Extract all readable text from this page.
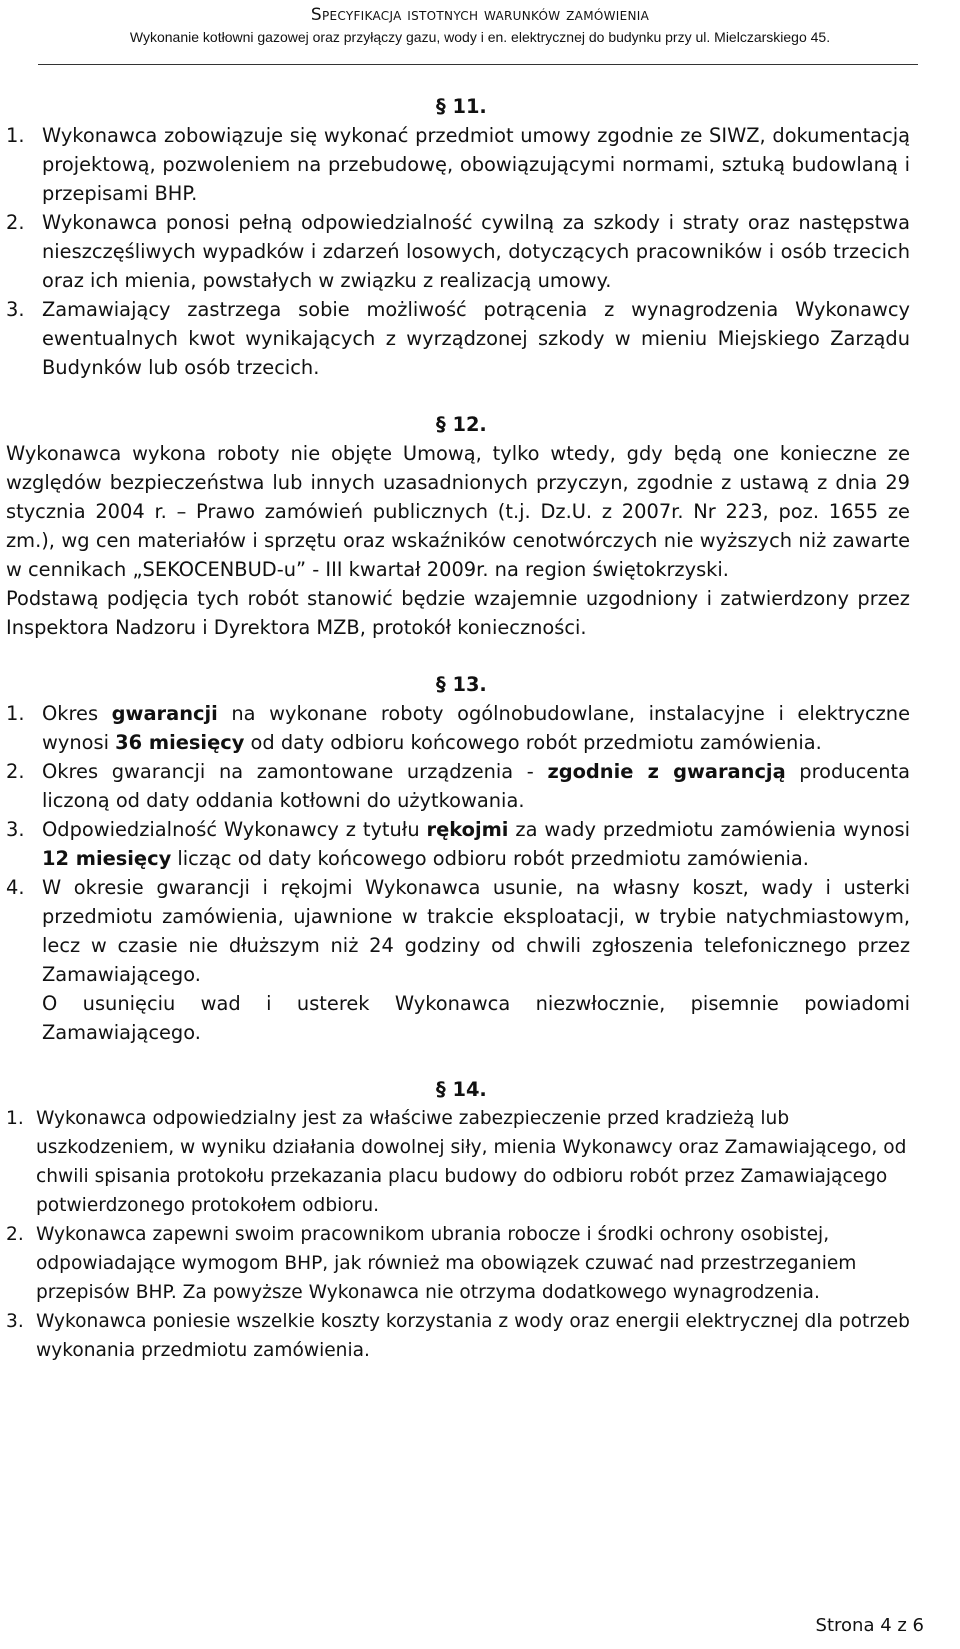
Specyfikacja istotnych warunków zamówienia
Wykonanie kotłowni gazowej oraz przyłączy gazu, wody i en. elektrycznej do budynku przy ul. Mielczarskiego 45.
§ 11.
1. Wykonawca zobowiązuje się wykonać przedmiot umowy zgodnie ze SIWZ, dokumentacją projektową, pozwoleniem na przebudowę, obowiązującymi normami, sztuką budowlaną i przepisami BHP.
2. Wykonawca ponosi pełną odpowiedzialność cywilną za szkody i straty oraz następstwa nieszczęśliwych wypadków i zdarzeń losowych, dotyczących pracowników i osób trzecich oraz ich mienia, powstałych w związku z realizacją umowy.
3. Zamawiający zastrzega sobie możliwość potrącenia z wynagrodzenia Wykonawcy ewentualnych kwot wynikających z wyrządzonej szkody w mieniu Miejskiego Zarządu Budynków lub osób trzecich.
§ 12.
Wykonawca wykona roboty nie objęte Umową, tylko wtedy, gdy będą one konieczne ze względów bezpieczeństwa lub innych uzasadnionych przyczyn, zgodnie z ustawą z dnia 29 stycznia 2004 r. – Prawo zamówień publicznych (t.j. Dz.U. z 2007r. Nr 223, poz. 1655 ze zm.), wg cen materiałów i sprzętu oraz wskaźników cenotwórczych nie wyższych niż zawarte w cennikach „SEKOCENBUD-u” - III kwartał 2009r. na region świętokrzyski.
Podstawą podjęcia tych robót stanowić będzie wzajemnie uzgodniony i zatwierdzony przez Inspektora Nadzoru i Dyrektora MZB, protokół konieczności.
§ 13.
1. Okres gwarancji na wykonane roboty ogólnobudowlane, instalacyjne i elektryczne wynosi 36 miesięcy od daty odbioru końcowego robót przedmiotu zamówienia.
2. Okres gwarancji na zamontowane urządzenia - zgodnie z gwarancją producenta liczoną od daty oddania kotłowni do użytkowania.
3. Odpowiedzialność Wykonawcy z tytułu rękojmi za wady przedmiotu zamówienia wynosi 12 miesięcy licząc od daty końcowego odbioru robót przedmiotu zamówienia.
4. W okresie gwarancji i rękojmi Wykonawca usunie, na własny koszt, wady i usterki przedmiotu zamówienia, ujawnione w trakcie eksploatacji, w trybie natychmiastowym, lecz w czasie nie dłuższym niż 24 godziny od chwili zgłoszenia telefonicznego przez Zamawiającego.
O usunięciu wad i usterek Wykonawca niezwłocznie, pisemnie powiadomi Zamawiającego.
§ 14.
1. Wykonawca odpowiedzialny jest za właściwe zabezpieczenie przed kradzieżą lub uszkodzeniem, w wyniku działania dowolnej siły, mienia Wykonawcy oraz Zamawiającego, od chwili spisania protokołu przekazania placu budowy do odbioru robót przez Zamawiającego potwierdzonego protokołem odbioru.
2. Wykonawca zapewni swoim pracownikom ubrania robocze i środki ochrony osobistej, odpowiadające wymogom BHP, jak również ma obowiązek czuwać nad przestrzeganiem przepisów BHP. Za powyższe Wykonawca nie otrzyma dodatkowego wynagrodzenia.
3. Wykonawca poniesie wszelkie koszty korzystania z wody oraz energii elektrycznej dla potrzeb wykonania przedmiotu zamówienia.
Strona 4 z 6
